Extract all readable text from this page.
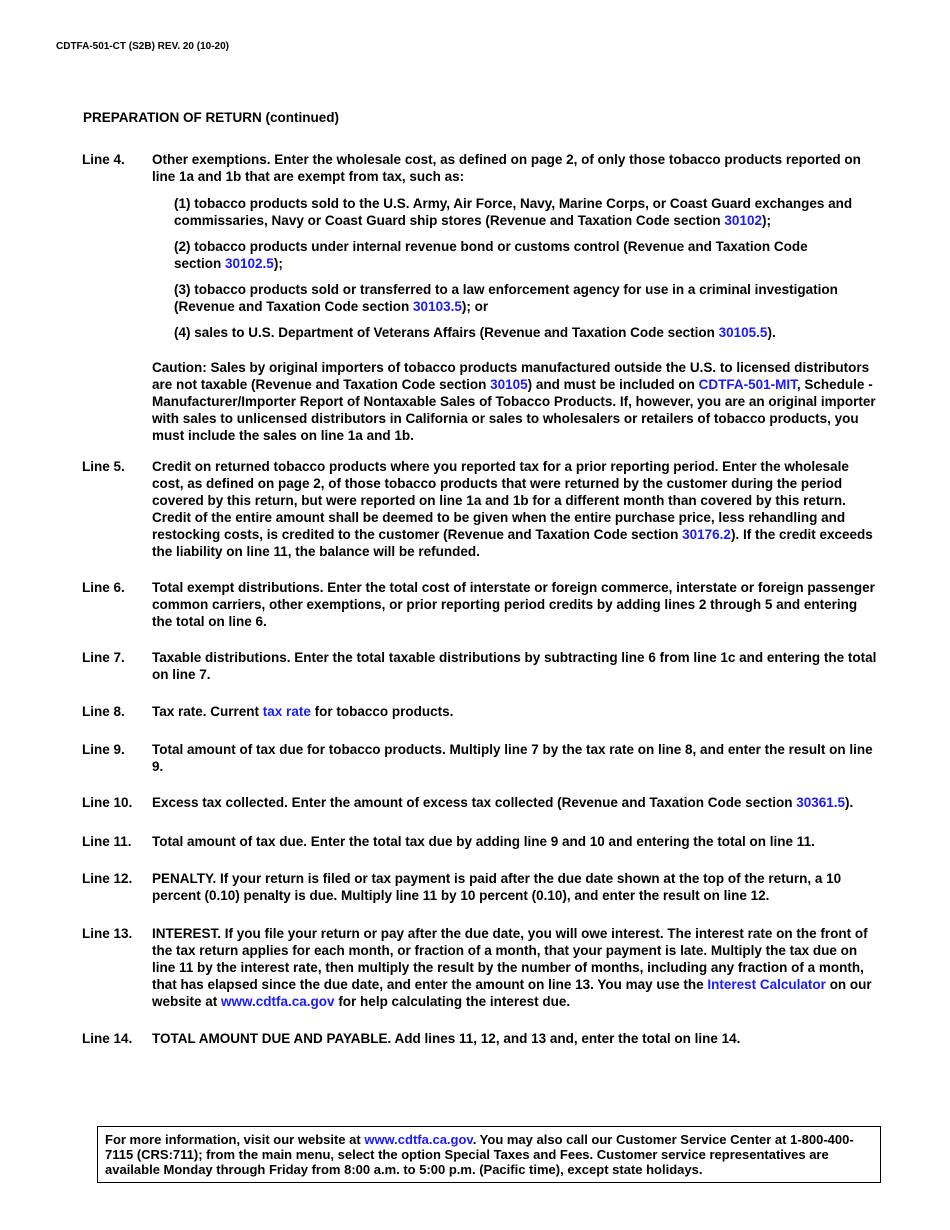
CDTFA-501-CT (S2B) REV. 20 (10-20)
PREPARATION OF RETURN (continued)
Line 4. Other exemptions. Enter the wholesale cost, as defined on page 2, of only those tobacco products reported on line 1a and 1b that are exempt from tax, such as:
(1) tobacco products sold to the U.S. Army, Air Force, Navy, Marine Corps, or Coast Guard exchanges and commissaries, Navy or Coast Guard ship stores (Revenue and Taxation Code section 30102);
(2) tobacco products under internal revenue bond or customs control (Revenue and Taxation Code section 30102.5);
(3) tobacco products sold or transferred to a law enforcement agency for use in a criminal investigation (Revenue and Taxation Code section 30103.5); or
(4) sales to U.S. Department of Veterans Affairs (Revenue and Taxation Code section 30105.5).
Caution: Sales by original importers of tobacco products manufactured outside the U.S. to licensed distributors are not taxable (Revenue and Taxation Code section 30105) and must be included on CDTFA-501-MIT, Schedule - Manufacturer/Importer Report of Nontaxable Sales of Tobacco Products. If, however, you are an original importer with sales to unlicensed distributors in California or sales to wholesalers or retailers of tobacco products, you must include the sales on line 1a and 1b.
Line 5. Credit on returned tobacco products where you reported tax for a prior reporting period. Enter the wholesale cost, as defined on page 2, of those tobacco products that were returned by the customer during the period covered by this return, but were reported on line 1a and 1b for a different month than covered by this return. Credit of the entire amount shall be deemed to be given when the entire purchase price, less rehandling and restocking costs, is credited to the customer (Revenue and Taxation Code section 30176.2). If the credit exceeds the liability on line 11, the balance will be refunded.
Line 6. Total exempt distributions. Enter the total cost of interstate or foreign commerce, interstate or foreign passenger common carriers, other exemptions, or prior reporting period credits by adding lines 2 through 5 and entering the total on line 6.
Line 7. Taxable distributions. Enter the total taxable distributions by subtracting line 6 from line 1c and entering the total on line 7.
Line 8. Tax rate. Current tax rate for tobacco products.
Line 9. Total amount of tax due for tobacco products. Multiply line 7 by the tax rate on line 8, and enter the result on line 9.
Line 10. Excess tax collected. Enter the amount of excess tax collected (Revenue and Taxation Code section 30361.5).
Line 11. Total amount of tax due. Enter the total tax due by adding line 9 and 10 and entering the total on line 11.
Line 12. PENALTY. If your return is filed or tax payment is paid after the due date shown at the top of the return, a 10 percent (0.10) penalty is due. Multiply line 11 by 10 percent (0.10), and enter the result on line 12.
Line 13. INTEREST. If you file your return or pay after the due date, you will owe interest. The interest rate on the front of the tax return applies for each month, or fraction of a month, that your payment is late. Multiply the tax due on line 11 by the interest rate, then multiply the result by the number of months, including any fraction of a month, that has elapsed since the due date, and enter the amount on line 13. You may use the Interest Calculator on our website at www.cdtfa.ca.gov for help calculating the interest due.
Line 14. TOTAL AMOUNT DUE AND PAYABLE. Add lines 11, 12, and 13 and, enter the total on line 14.
For more information, visit our website at www.cdtfa.ca.gov. You may also call our Customer Service Center at 1-800-400-7115 (CRS:711); from the main menu, select the option Special Taxes and Fees. Customer service representatives are available Monday through Friday from 8:00 a.m. to 5:00 p.m. (Pacific time), except state holidays.
